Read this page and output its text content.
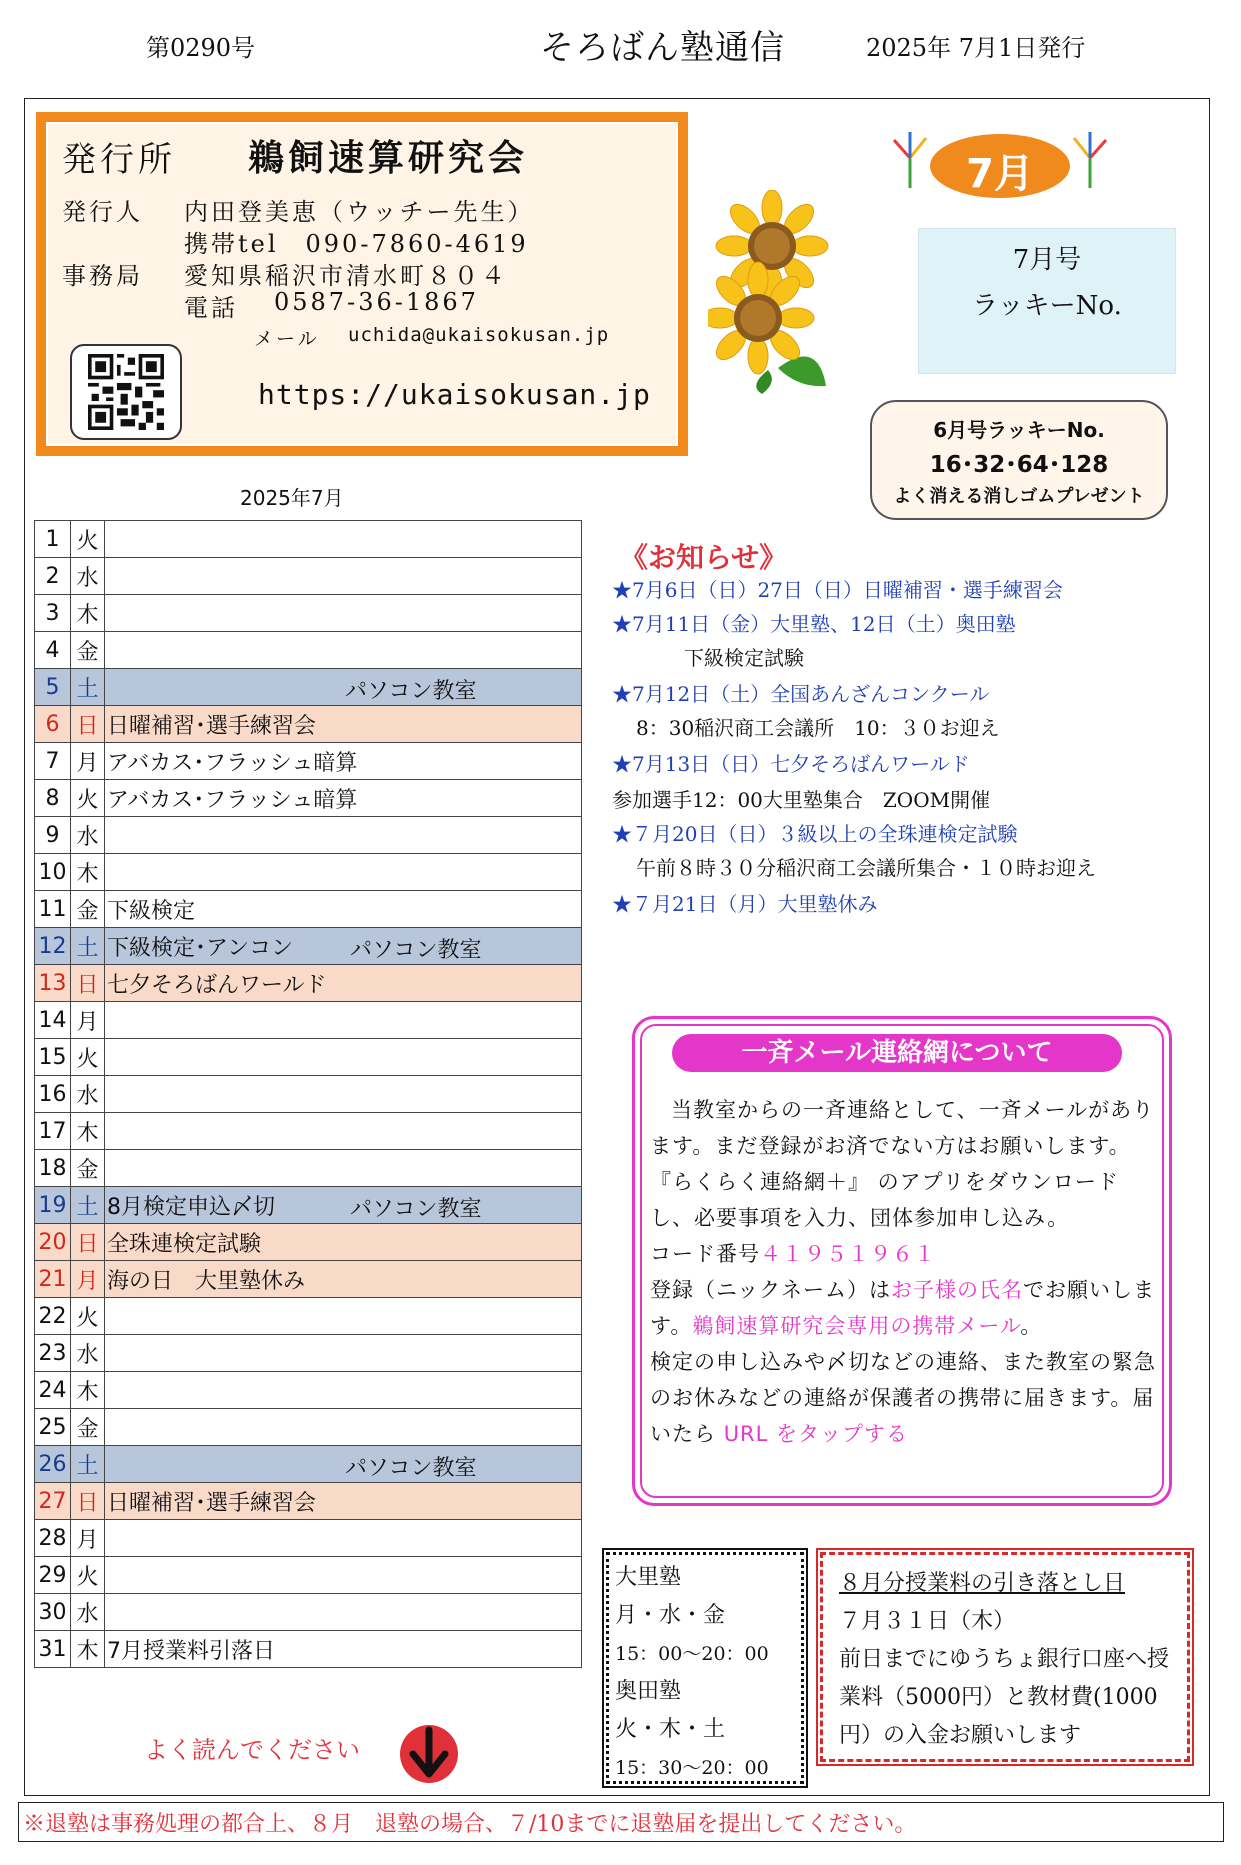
第0290号	そろばん塾通信	2025年 7月1日発行
発行所 鵜飼速算研究会
発行人 内田登美恵（ウッチー先生）
携帯tel　090-7860-4619
事務局 愛知県稲沢市清水町８０４
電話 0587-36-1867
メール uchida@ukaisokusan.jp
https://ukaisokusan.jp
7月
7月号
ラッキーNo.
6月号ラッキーNo.
16･32･64･128
よく消える消しゴムプレゼント
2025年7月
1	火	
2	水	
3	木	
4	金	
5	土	パソコン教室

6	日	日曜補習･選手練習会
7	月	アバカス･フラッシュ暗算
8	火	アバカス･フラッシュ暗算
9	水	
10	木	
11	金	下級検定
12	土	下級検定･アンコン パソコン教室

13	日	七夕そろばんワールド
14	月	
15	火	
16	水	
17	木	
18	金	
19	土	8月検定申込〆切 パソコン教室

20	日	全珠連検定試験
21	月	海の日　大里塾休み
22	火	
23	水	
24	木	
25	金	
26	土	パソコン教室

27	日	日曜補習･選手練習会
28	月	
29	火	
30	水	
31	木	7月授業料引落日
よく読んでください
《お知らせ》
★7月6日（日）27日（日）日曜補習・選手練習会
★7月11日（金）大里塾、12日（土）奥田塾
下級検定試験
★7月12日（土）全国あんざんコンクール
8：30稲沢商工会議所　10：３０お迎え
★7月13日（日）七夕そろばんワールド
参加選手12：00大里塾集合　ZOOM開催
★７月20日（日）３級以上の全珠連検定試験
午前８時３０分稲沢商工会議所集合・１０時お迎え
★７月21日（月）大里塾休み
一斉メール連絡網について
当教室からの一斉連絡として、一斉メールがあります。まだ登録がお済でない方はお願いします。
『らくらく連絡網＋』 のアプリをダウンロードし、必要事項を入力、団体参加申し込み。
コード番号４１９５１９６１
登録（ニックネーム）はお子様の氏名でお願いします。鵜飼速算研究会専用の携帯メール。
検定の申し込みや〆切などの連絡、また教室の緊急のお休みなどの連絡が保護者の携帯に届きます。届いたら URL をタップする
大里塾
月・水・金
15：00～20：00
奥田塾
火・木・土
15：30～20：00
８月分授業料の引き落とし日
７月３１日（木）
前日までにゆうちょ銀行口座へ授業料（5000円）と教材費(1000円）の入金お願いします
※退塾は事務処理の都合上、８月　退塾の場合、７/10までに退塾届を提出してください。
